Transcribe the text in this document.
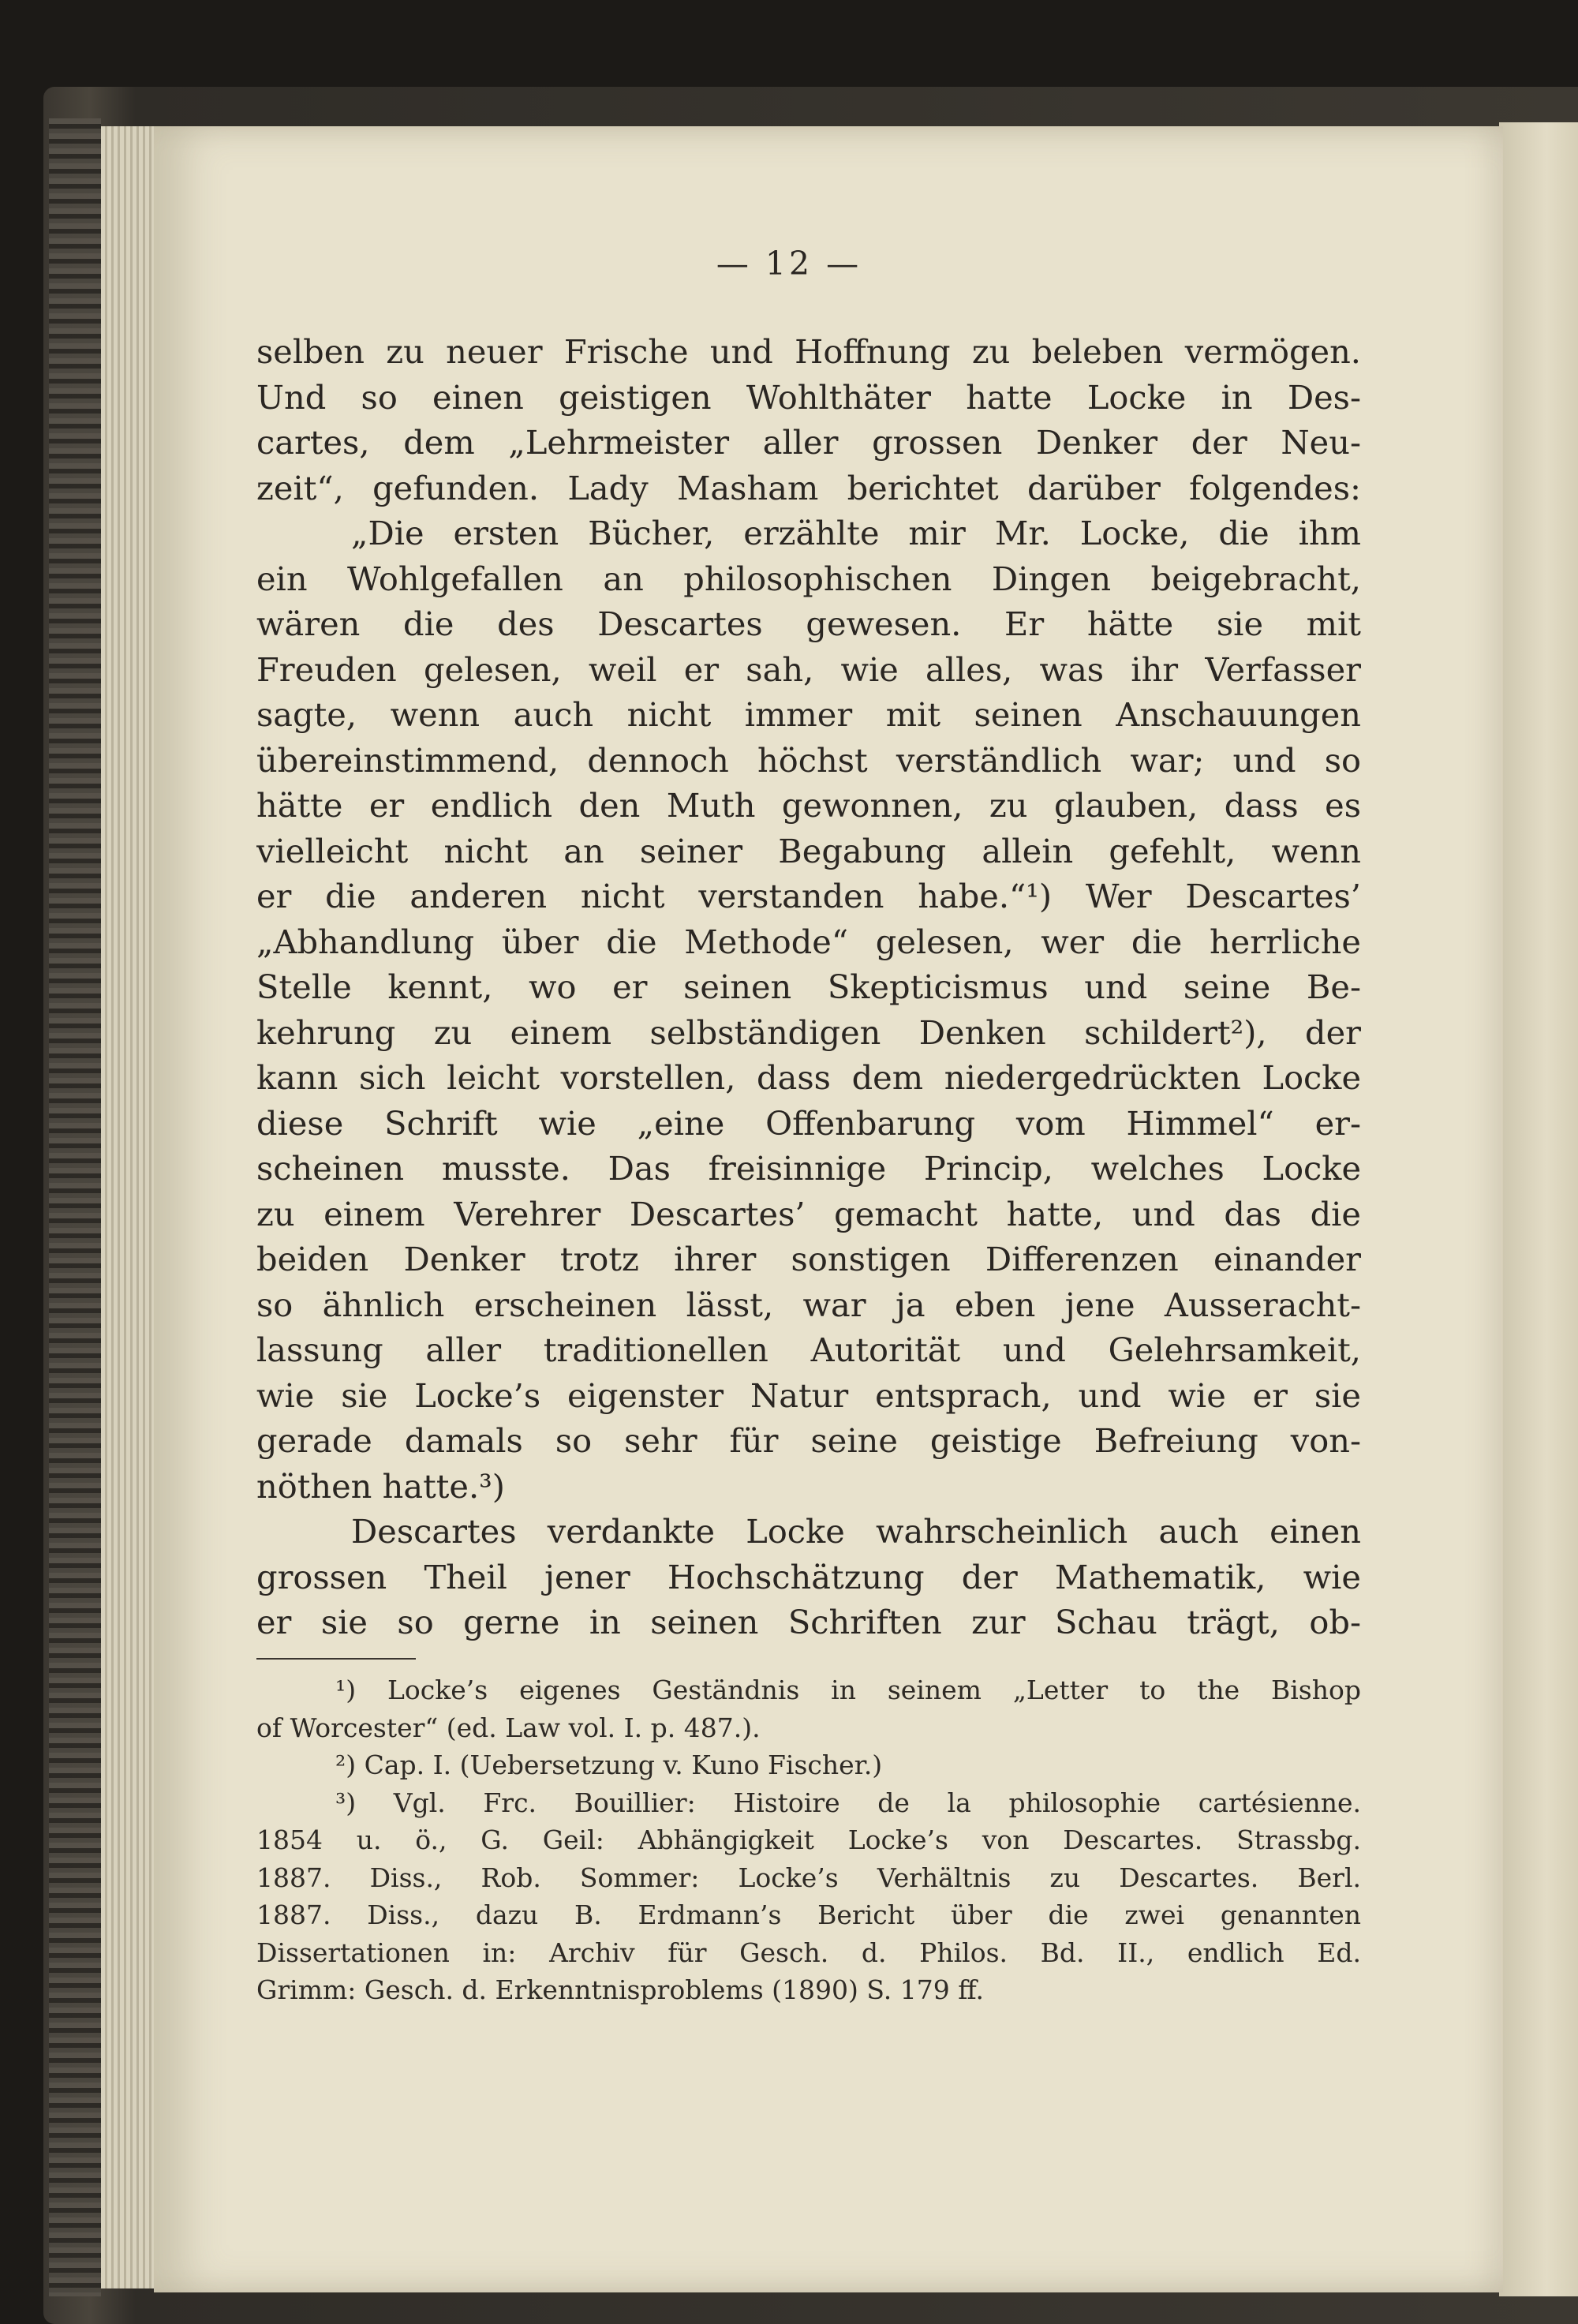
— 12 —
selben zu neuer Frische und Hoffnung zu beleben vermögen.
Und so einen geistigen Wohlthäter hatte Locke in Des-
cartes, dem „Lehrmeister aller grossen Denker der Neu-
zeit“, gefunden. Lady Masham berichtet darüber folgendes:
„Die ersten Bücher, erzählte mir Mr. Locke, die ihm
ein Wohlgefallen an philosophischen Dingen beigebracht,
wären die des Descartes gewesen. Er hätte sie mit
Freuden gelesen, weil er sah, wie alles, was ihr Verfasser
sagte, wenn auch nicht immer mit seinen Anschauungen
übereinstimmend, dennoch höchst verständlich war; und so
hätte er endlich den Muth gewonnen, zu glauben, dass es
vielleicht nicht an seiner Begabung allein gefehlt, wenn
er die anderen nicht verstanden habe.“¹) Wer Descartes’
„Abhandlung über die Methode“ gelesen, wer die herrliche
Stelle kennt, wo er seinen Skepticismus und seine Be-
kehrung zu einem selbständigen Denken schildert²), der
kann sich leicht vorstellen, dass dem niedergedrückten Locke
diese Schrift wie „eine Offenbarung vom Himmel“ er-
scheinen musste. Das freisinnige Princip, welches Locke
zu einem Verehrer Descartes’ gemacht hatte, und das die
beiden Denker trotz ihrer sonstigen Differenzen einander
so ähnlich erscheinen lässt, war ja eben jene Ausseracht-
lassung aller traditionellen Autorität und Gelehrsamkeit,
wie sie Locke’s eigenster Natur entsprach, und wie er sie
gerade damals so sehr für seine geistige Befreiung von-
nöthen hatte.³)
Descartes verdankte Locke wahrscheinlich auch einen
grossen Theil jener Hochschätzung der Mathematik, wie
er sie so gerne in seinen Schriften zur Schau trägt, ob-
¹) Locke’s eigenes Geständnis in seinem „Letter to the Bishop
of Worcester“ (ed. Law vol. I. p. 487.).
²) Cap. I. (Uebersetzung v. Kuno Fischer.)
³) Vgl. Frc. Bouillier: Histoire de la philosophie cartésienne.
1854 u. ö., G. Geil: Abhängigkeit Locke’s von Descartes. Strassbg.
1887. Diss., Rob. Sommer: Locke’s Verhältnis zu Descartes. Berl.
1887. Diss., dazu B. Erdmann’s Bericht über die zwei genannten
Dissertationen in: Archiv für Gesch. d. Philos. Bd. II., endlich Ed.
Grimm: Gesch. d. Erkenntnisproblems (1890) S. 179 ff.
